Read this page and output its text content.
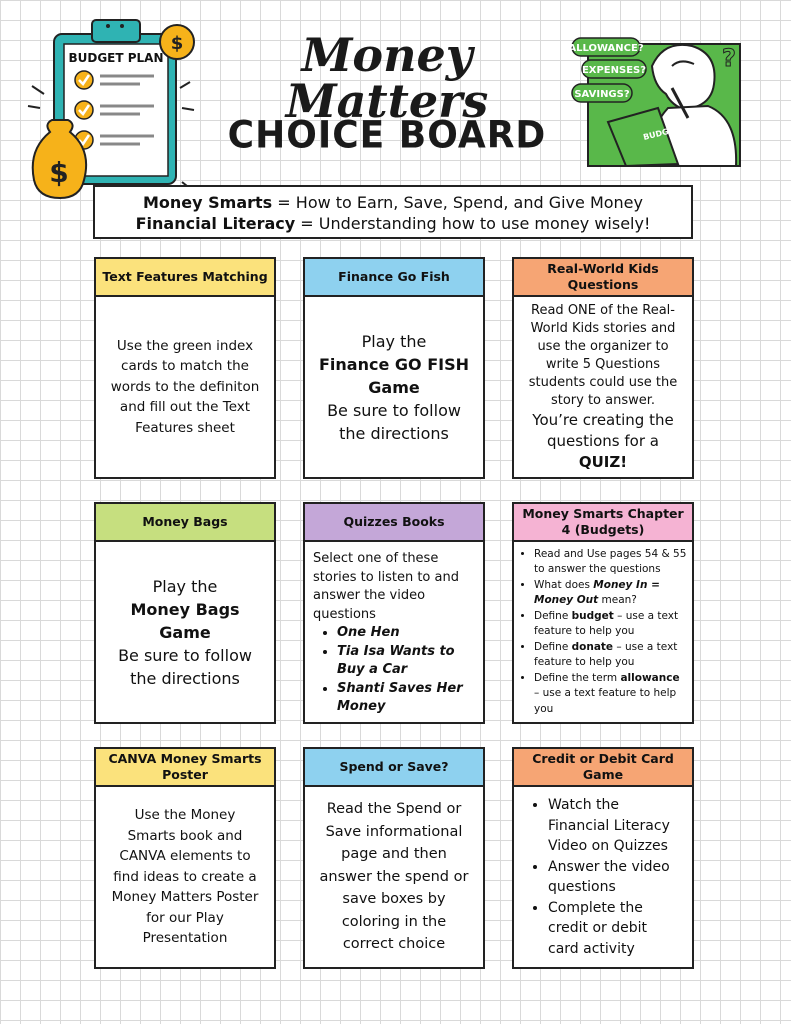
$
BUDGET PLAN
$
Money Matters
CHOICE BOARD	BUDGET
?
ALLOWANCE?
EXPENSES?
SAVINGS?
Money Smarts = How to Earn, Save, Spend, and Give Money
Financial Literacy = Understanding how to use money wisely!
Text Features Matching
Use the green index cards to match the words to the definiton and fill out the Text Features sheet
Finance Go Fish
Play the
Finance GO FISH Game
Be sure to follow the directions
Real-World Kids Questions
Read ONE of the Real-World Kids stories and use the organizer to write 5 Questions students could use the story to answer.
You’re creating the questions for a
QUIZ!
Money Bags
Play the
Money Bags Game
Be sure to follow the directions
Quizzes Books
Select one of these stories to listen to and answer the video questions
• One Hen
• Tia Isa Wants to Buy a Car
• Shanti Saves Her Money
Money Smarts Chapter 4 (Budgets)
• Read and Use pages 54 & 55 to answer the questions
• What does Money In = Money Out mean?
• Define budget – use a text feature to help you
• Define donate – use a text feature to help you
• Define the term allowance – use a text feature to help you
CANVA Money Smarts Poster
Use the Money Smarts book and CANVA elements to find ideas to create a Money Matters Poster for our Play Presentation
Spend or Save?
Read the Spend or Save informational page and then answer the spend or save boxes by coloring in the correct choice
Credit or Debit Card Game
• Watch the Financial Literacy Video on Quizzes
• Answer the video questions
• Complete the credit or debit card activity
